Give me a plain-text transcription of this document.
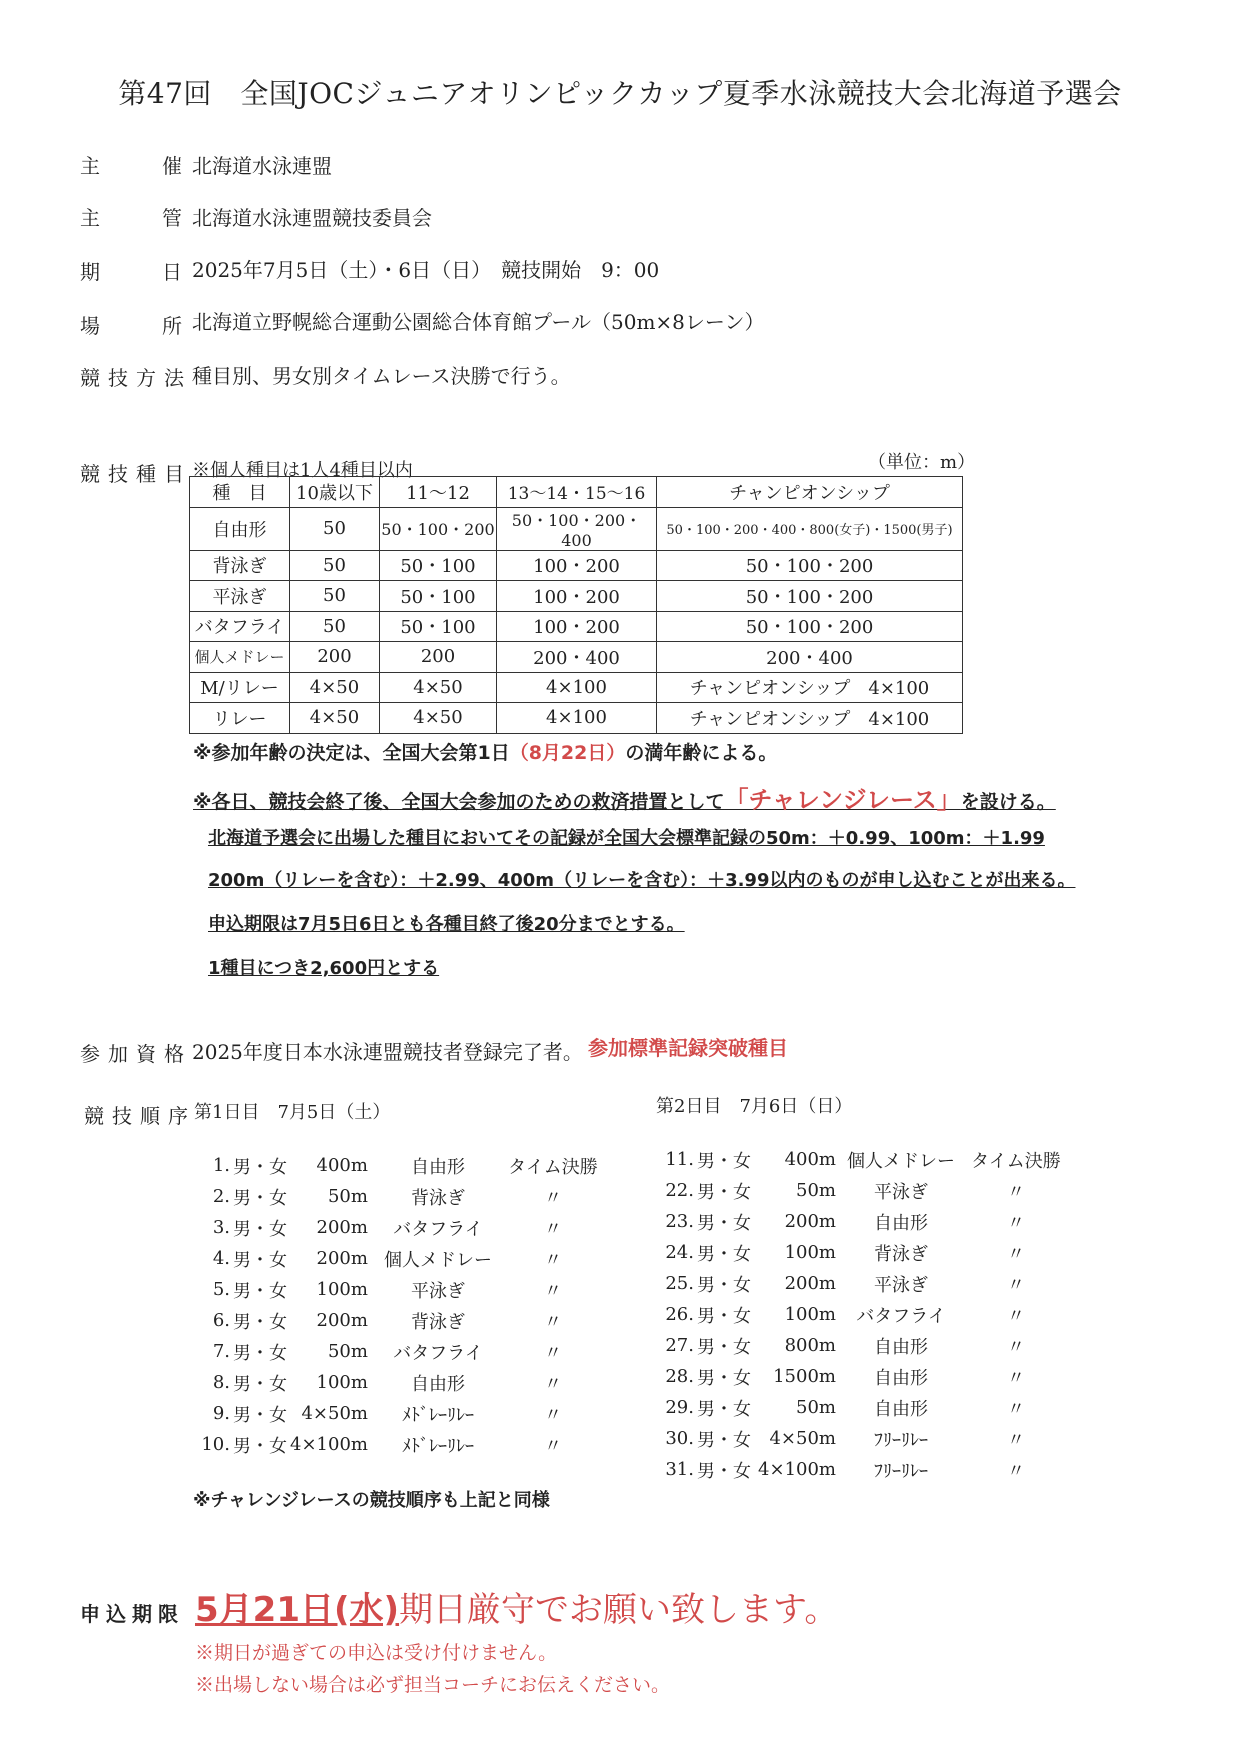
第47回　全国JOCジュニアオリンピックカップ夏季水泳競技大会北海道予選会
主	催 北海道水泳連盟
主	管 北海道水泳連盟競技委員会
期	日 2025年7月5日（土）・6日（日）　競技開始　9：00
場	所 北海道立野幌総合運動公園総合体育館プール（50m×8レーン）
競技方法 種目別、男女別タイムレース決勝で行う。
競技種目 ※個人種目は1人4種目以内	（単位：m）
種　目	10歳以下	11～12	13～14・15～16	チャンピオンシップ
自由形	50	50・100・200	50・100・200・400	50・100・200・400・800(女子)・1500(男子)
背泳ぎ	50	50・100	100・200	50・100・200
平泳ぎ	50	50・100	100・200	50・100・200
バタフライ	50	50・100	100・200	50・100・200
個人メドレー	200	200	200・400	200・400
M/リレー	4×50	4×50	4×100	チャンピオンシップ　4×100
リレー	4×50	4×50	4×100	チャンピオンシップ　4×100
※参加年齢の決定は、全国大会第1日（8月22日）の満年齢による。
※各日、競技会終了後、全国大会参加のための救済措置として「チャレンジレース」を設ける。
北海道予選会に出場した種目においてその記録が全国大会標準記録の50m：＋0.99、100m：＋1.99
200m（リレーを含む）：＋2.99、400m（リレーを含む）：＋3.99以内のものが申し込むことが出来る。
申込期限は7月5日6日とも各種目終了後20分までとする。
1種目につき2,600円とする
参加資格 2025年度日本水泳連盟競技者登録完了者。 参加標準記録突破種目
競技順序
第1日目　7月5日（土）	第2日目　7月6日（日）
1.	男・女	400m	自由形	タイム決勝
2.	男・女	50m	背泳ぎ	〃
3.	男・女	200m	バタフライ	〃
4.	男・女	200m	個人メドレー	〃
5.	男・女	100m	平泳ぎ	〃
6.	男・女	200m	背泳ぎ	〃
7.	男・女	50m	バタフライ	〃
8.	男・女	100m	自由形	〃
9.	男・女	4×50m	ﾒﾄﾞﾚｰﾘﾚｰ	〃
10.	男・女	4×100m	ﾒﾄﾞﾚｰﾘﾚｰ	〃
11.	男・女	400m	個人メドレー	タイム決勝
22.	男・女	50m	平泳ぎ	〃
23.	男・女	200m	自由形	〃
24.	男・女	100m	背泳ぎ	〃
25.	男・女	200m	平泳ぎ	〃
26.	男・女	100m	バタフライ	〃
27.	男・女	800m	自由形	〃
28.	男・女	1500m	自由形	〃
29.	男・女	50m	自由形	〃
30.	男・女	4×50m	ﾌﾘｰﾘﾚｰ	〃
31.	男・女	4×100m	ﾌﾘｰﾘﾚｰ	〃
※チャレンジレースの競技順序も上記と同様
申込期限 5月21日(水)期日厳守でお願い致します。
※期日が過ぎての申込は受け付けません。
※出場しない場合は必ず担当コーチにお伝えください。
